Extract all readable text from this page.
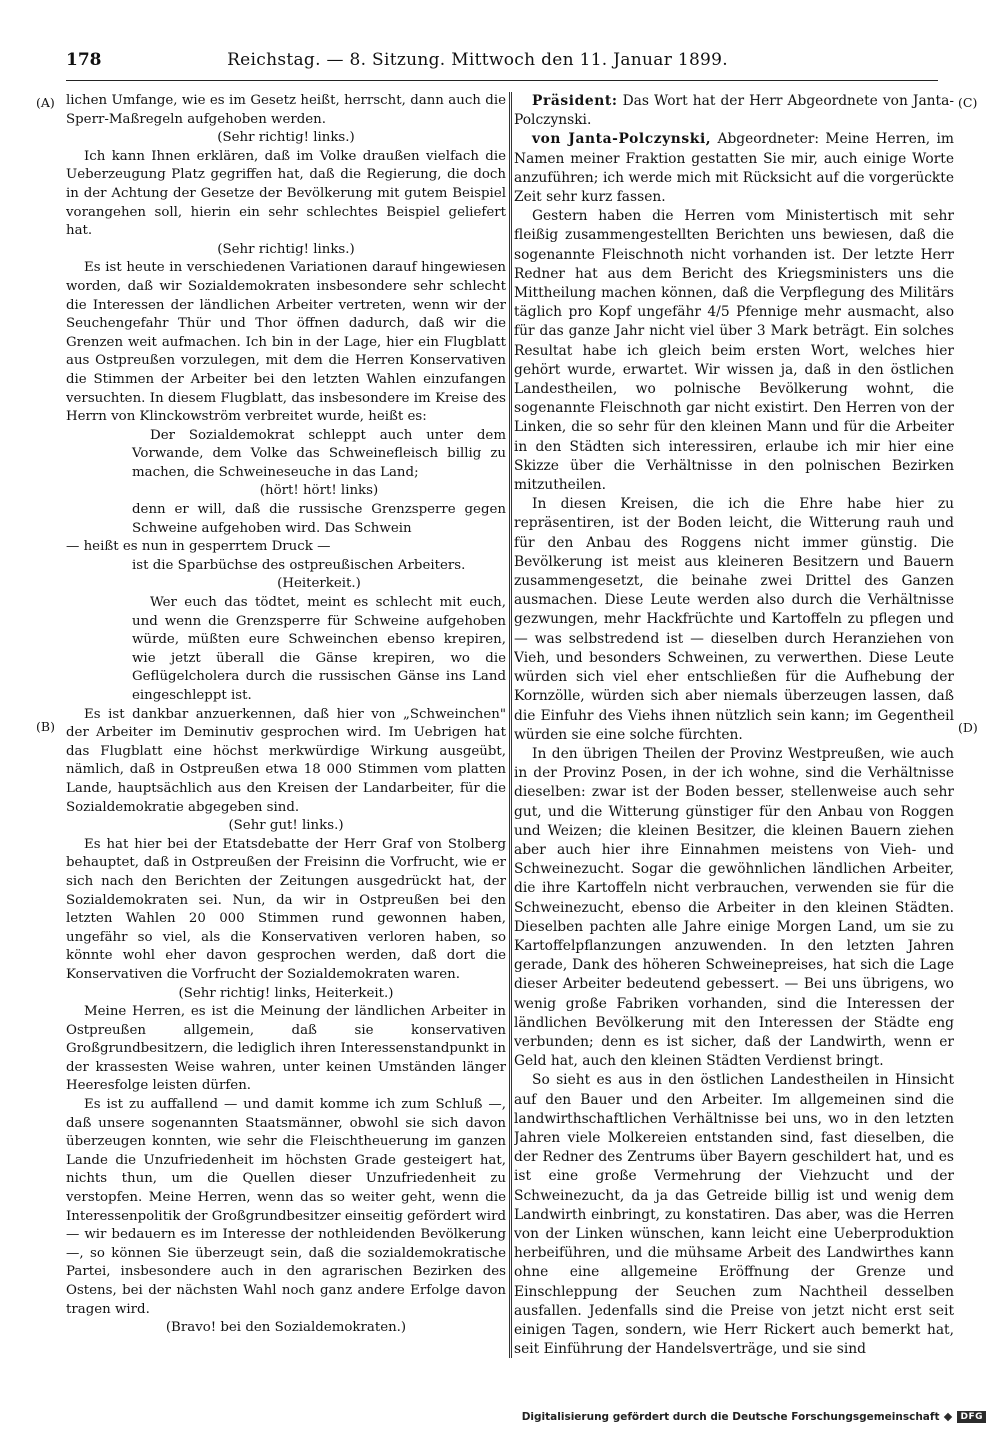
178	Reichstag. — 8. Sitzung. Mittwoch den 11. Januar 1899.
(A)
(B)
(C)
(D)

lichen Umfange, wie es im Gesetz heißt, herrscht, dann auch die Sperr-Maßregeln aufgehoben werden.

(Sehr richtig! links.)

Ich kann Ihnen erklären, daß im Volke draußen vielfach die Ueberzeugung Platz gegriffen hat, daß die Regierung, die doch in der Achtung der Gesetze der Bevölkerung mit gutem Beispiel vorangehen soll, hierin ein sehr schlechtes Beispiel geliefert hat.

(Sehr richtig! links.)

Es ist heute in verschiedenen Variationen darauf hingewiesen worden, daß wir Sozialdemokraten insbesondere sehr schlecht die Interessen der ländlichen Arbeiter vertreten, wenn wir der Seuchengefahr Thür und Thor öffnen dadurch, daß wir die Grenzen weit aufmachen. Ich bin in der Lage, hier ein Flugblatt aus Ostpreußen vorzulegen, mit dem die Herren Konservativen die Stimmen der Arbeiter bei den letzten Wahlen einzufangen versuchten. In diesem Flugblatt, das insbesondere im Kreise des Herrn von Klinckowström verbreitet wurde, heißt es:

Der Sozialdemokrat schleppt auch unter dem Vorwande, dem Volke das Schweinefleisch billig zu machen, die Schweineseuche in das Land;

(hört! hört! links)

denn er will, daß die russische Grenzsperre gegen Schweine aufgehoben wird. Das Schwein

— heißt es nun in gesperrtem Druck —

ist die Sparbüchse des ostpreußischen Arbeiters.

(Heiterkeit.)

Wer euch das tödtet, meint es schlecht mit euch, und wenn die Grenzsperre für Schweine aufgehoben würde, müßten eure Schweinchen ebenso krepiren, wie jetzt überall die Gänse krepiren, wo die Geflügelcholera durch die russischen Gänse ins Land eingeschleppt ist.

Es ist dankbar anzuerkennen, daß hier von „Schweinchen" der Arbeiter im Deminutiv gesprochen wird. Im Uebrigen hat das Flugblatt eine höchst merkwürdige Wirkung ausgeübt, nämlich, daß in Ostpreußen etwa 18 000 Stimmen vom platten Lande, hauptsächlich aus den Kreisen der Landarbeiter, für die Sozialdemokratie abgegeben sind.

(Sehr gut! links.)

Es hat hier bei der Etatsdebatte der Herr Graf von Stolberg behauptet, daß in Ostpreußen der Freisinn die Vorfrucht, wie er sich nach den Berichten der Zeitungen ausgedrückt hat, der Sozialdemokraten sei. Nun, da wir in Ostpreußen bei den letzten Wahlen 20 000 Stimmen rund gewonnen haben, ungefähr so viel, als die Konservativen verloren haben, so könnte wohl eher davon gesprochen werden, daß dort die Konservativen die Vorfrucht der Sozialdemokraten waren.

(Sehr richtig! links, Heiterkeit.)

Meine Herren, es ist die Meinung der ländlichen Arbeiter in Ostpreußen allgemein, daß sie konservativen Großgrundbesitzern, die lediglich ihren Interessenstandpunkt in der krassesten Weise wahren, unter keinen Umständen länger Heeresfolge leisten dürfen.

Es ist zu auffallend — und damit komme ich zum Schluß —, daß unsere sogenannten Staatsmänner, obwohl sie sich davon überzeugen konnten, wie sehr die Fleischtheuerung im ganzen Lande die Unzufriedenheit im höchsten Grade gesteigert hat, nichts thun, um die Quellen dieser Unzufriedenheit zu verstopfen. Meine Herren, wenn das so weiter geht, wenn die Interessenpolitik der Großgrundbesitzer einseitig gefördert wird — wir bedauern es im Interesse der nothleidenden Bevölkerung —, so können Sie überzeugt sein, daß die sozialdemokratische Partei, insbesondere auch in den agrarischen Bezirken des Ostens, bei der nächsten Wahl noch ganz andere Erfolge davon tragen wird.

(Bravo! bei den Sozialdemokraten.)

Präsident: Das Wort hat der Herr Abgeordnete von Janta-Polczynski.

von Janta-Polczynski, Abgeordneter: Meine Herren, im Namen meiner Fraktion gestatten Sie mir, auch einige Worte anzuführen; ich werde mich mit Rücksicht auf die vorgerückte Zeit sehr kurz fassen.

Gestern haben die Herren vom Ministertisch mit sehr fleißig zusammengestellten Berichten uns bewiesen, daß die sogenannte Fleischnoth nicht vorhanden ist. Der letzte Herr Redner hat aus dem Bericht des Kriegsministers uns die Mittheilung machen können, daß die Verpflegung des Militärs täglich pro Kopf ungefähr 4/5 Pfennige mehr ausmacht, also für das ganze Jahr nicht viel über 3 Mark beträgt. Ein solches Resultat habe ich gleich beim ersten Wort, welches hier gehört wurde, erwartet. Wir wissen ja, daß in den östlichen Landestheilen, wo polnische Bevölkerung wohnt, die sogenannte Fleischnoth gar nicht existirt. Den Herren von der Linken, die so sehr für den kleinen Mann und für die Arbeiter in den Städten sich interessiren, erlaube ich mir hier eine Skizze über die Verhältnisse in den polnischen Bezirken mitzutheilen.

In diesen Kreisen, die ich die Ehre habe hier zu repräsentiren, ist der Boden leicht, die Witterung rauh und für den Anbau des Roggens nicht immer günstig. Die Bevölkerung ist meist aus kleineren Besitzern und Bauern zusammengesetzt, die beinahe zwei Drittel des Ganzen ausmachen. Diese Leute werden also durch die Verhältnisse gezwungen, mehr Hackfrüchte und Kartoffeln zu pflegen und — was selbstredend ist — dieselben durch Heranziehen von Vieh, und besonders Schweinen, zu verwerthen. Diese Leute würden sich viel eher entschließen für die Aufhebung der Kornzölle, würden sich aber niemals überzeugen lassen, daß die Einfuhr des Viehs ihnen nützlich sein kann; im Gegentheil würden sie eine solche fürchten.

In den übrigen Theilen der Provinz Westpreußen, wie auch in der Provinz Posen, in der ich wohne, sind die Verhältnisse dieselben: zwar ist der Boden besser, stellenweise auch sehr gut, und die Witterung günstiger für den Anbau von Roggen und Weizen; die kleinen Besitzer, die kleinen Bauern ziehen aber auch hier ihre Einnahmen meistens von Vieh- und Schweinezucht. Sogar die gewöhnlichen ländlichen Arbeiter, die ihre Kartoffeln nicht verbrauchen, verwenden sie für die Schweinezucht, ebenso die Arbeiter in den kleinen Städten. Dieselben pachten alle Jahre einige Morgen Land, um sie zu Kartoffelpflanzungen anzuwenden. In den letzten Jahren gerade, Dank des höheren Schweinepreises, hat sich die Lage dieser Arbeiter bedeutend gebessert. — Bei uns übrigens, wo wenig große Fabriken vorhanden, sind die Interessen der ländlichen Bevölkerung mit den Interessen der Städte eng verbunden; denn es ist sicher, daß der Landwirth, wenn er Geld hat, auch den kleinen Städten Verdienst bringt.

So sieht es aus in den östlichen Landestheilen in Hinsicht auf den Bauer und den Arbeiter. Im allgemeinen sind die landwirthschaftlichen Verhältnisse bei uns, wo in den letzten Jahren viele Molkereien entstanden sind, fast dieselben, die der Redner des Zentrums über Bayern geschildert hat, und es ist eine große Vermehrung der Viehzucht und der Schweinezucht, da ja das Getreide billig ist und wenig dem Landwirth einbringt, zu konstatiren. Das aber, was die Herren von der Linken wünschen, kann leicht eine Ueberproduktion herbeiführen, und die mühsame Arbeit des Landwirthes kann ohne eine allgemeine Eröffnung der Grenze und Einschleppung der Seuchen zum Nachtheil desselben ausfallen. Jedenfalls sind die Preise von jetzt nicht erst seit einigen Tagen, sondern, wie Herr Rickert auch bemerkt hat, seit Einführung der Handelsverträge, und sie sind

Digitalisierung gefördert durch die Deutsche Forschungsgemeinschaft	DFG
